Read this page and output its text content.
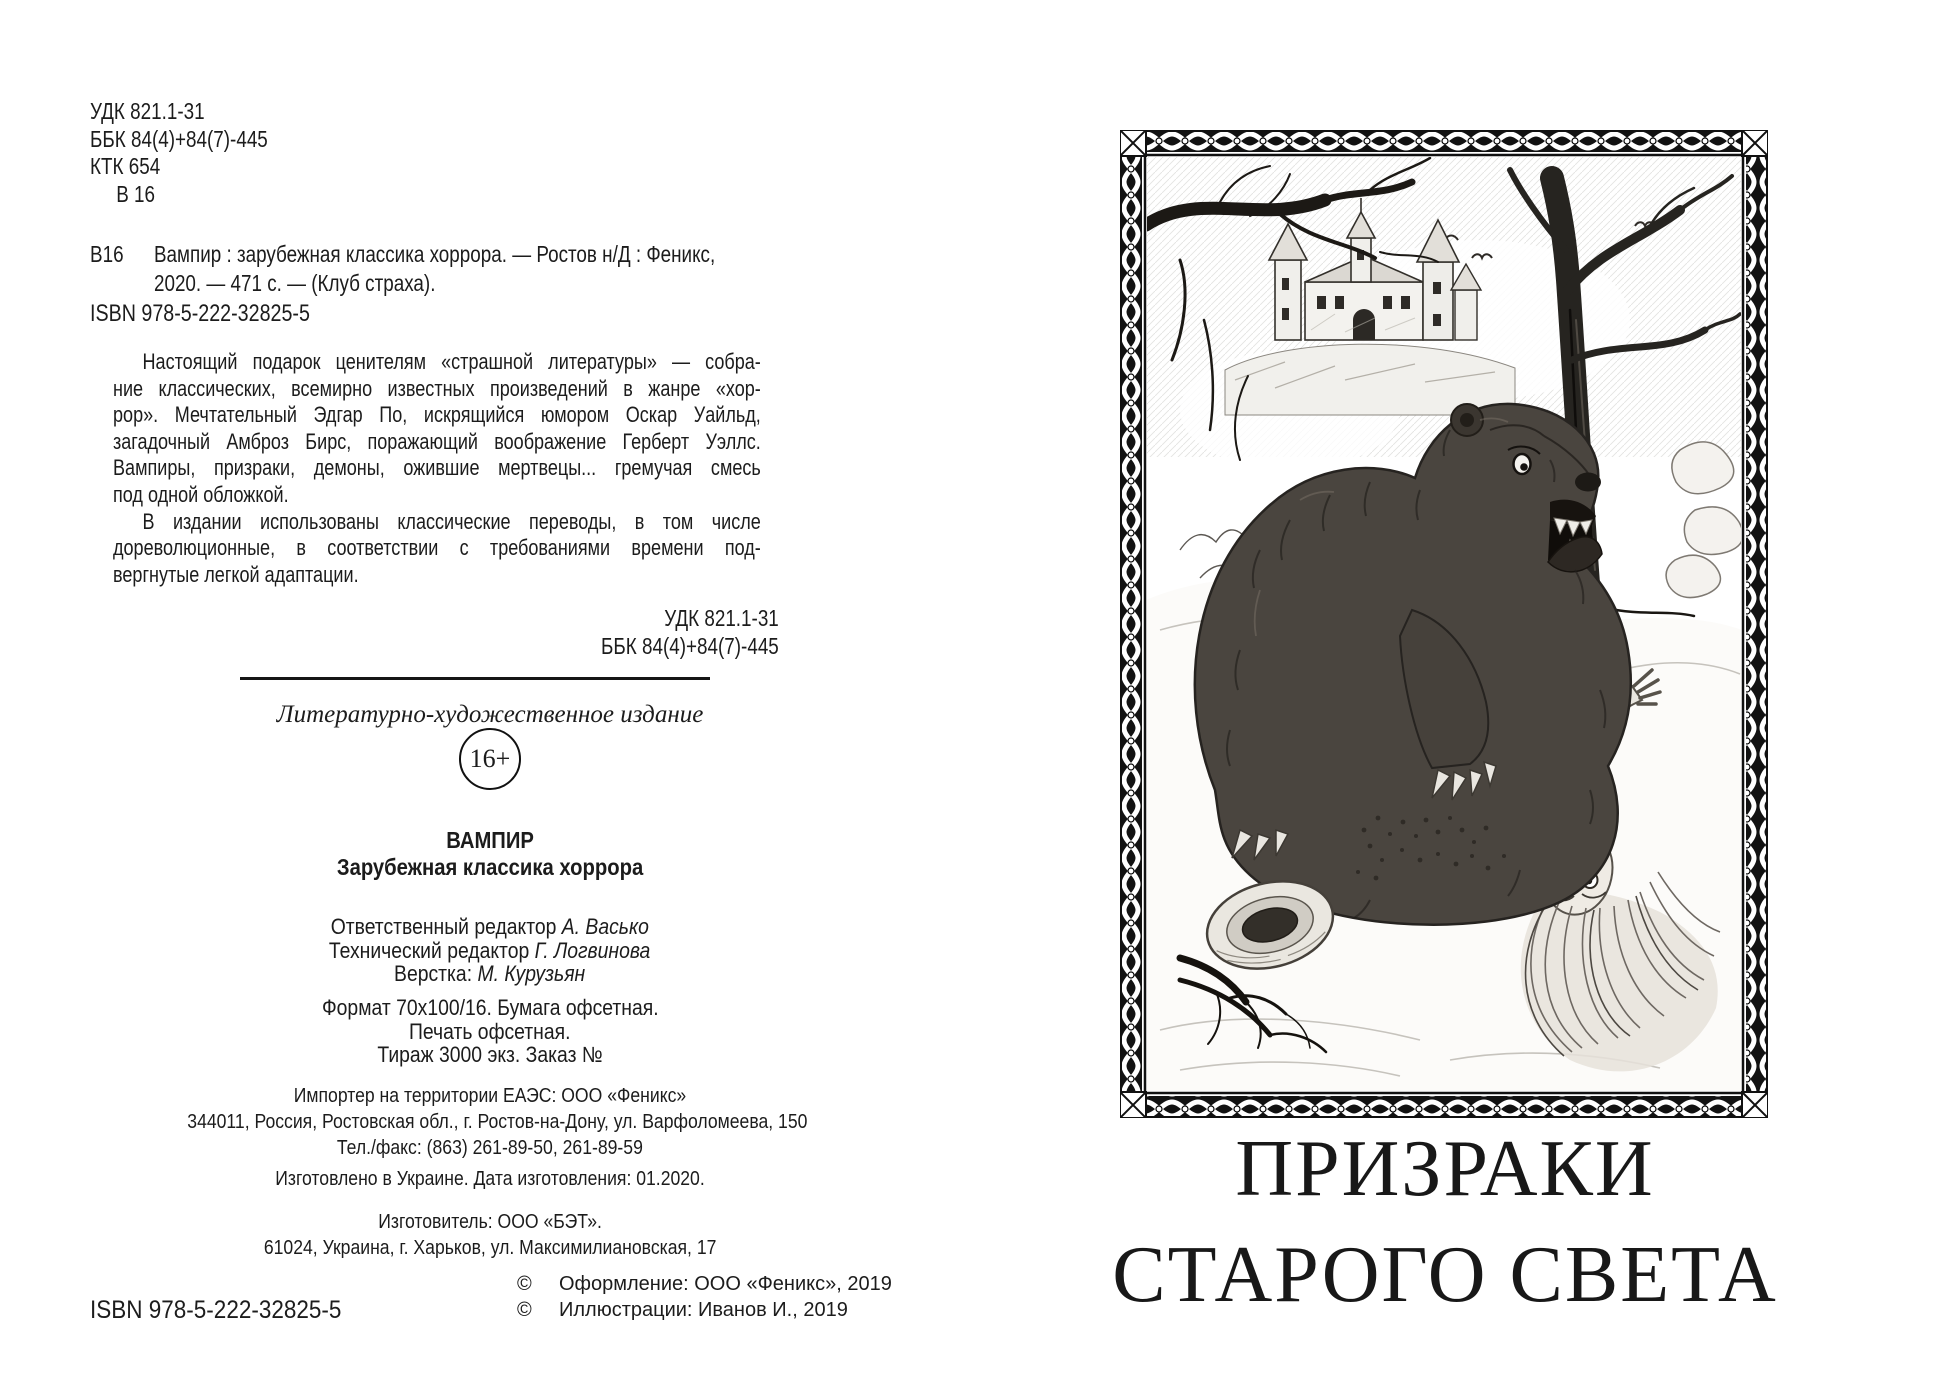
УДК 821.1-31
ББК 84(4)+84(7)-445
КТК 654
В 16
В16 Вампир : зарубежная классика хоррора. — Ростов н/Д : Феникс,
2020. — 471 с. — (Клуб страха).
ISBN 978-5-222-32825-5
Настоящий подарок ценителям «страшной литературы» — собра-
ние классических, всемирно известных произведений в жанре «хор-
рор». Мечтательный Эдгар По, искрящийся юмором Оскар Уайльд,
загадочный Амброз Бирс, поражающий воображение Герберт Уэллс.
Вампиры, призраки, демоны, ожившие мертвецы... гремучая смесь
под одной обложкой.
В издании использованы классические переводы, в том числе
дореволюционные, в соответствии с требованиями времени под-
вергнутые легкой адаптации.
УДК 821.1-31
ББК 84(4)+84(7)-445
Литературно-художественное издание
16+
ВАМПИР
Зарубежная классика хоррора
Ответственный редактор А. Васько
Технический редактор Г. Логвинова
Верстка: М. Курузьян
Формат 70х100/16. Бумага офсетная.
Печать офсетная.
Тираж 3000 экз. Заказ №
Импортер на территории ЕАЭС: ООО «Феникс»
344011, Россия, Ростовская обл., г. Ростов-на-Дону, ул. Варфоломеева, 150
Тел./факс: (863) 261-89-50, 261-89-59
Изготовлено в Украине. Дата изготовления: 01.2020.
Изготовитель: ООО «БЭТ».
61024, Украина, г. Харьков, ул. Максимилиановская, 17
©	Оформление: ООО «Феникс», 2019
©	Иллюстрации: Иванов И., 2019
ISBN 978-5-222-32825-5
ПРИЗРАКИ
СТАРОГО СВЕТА
